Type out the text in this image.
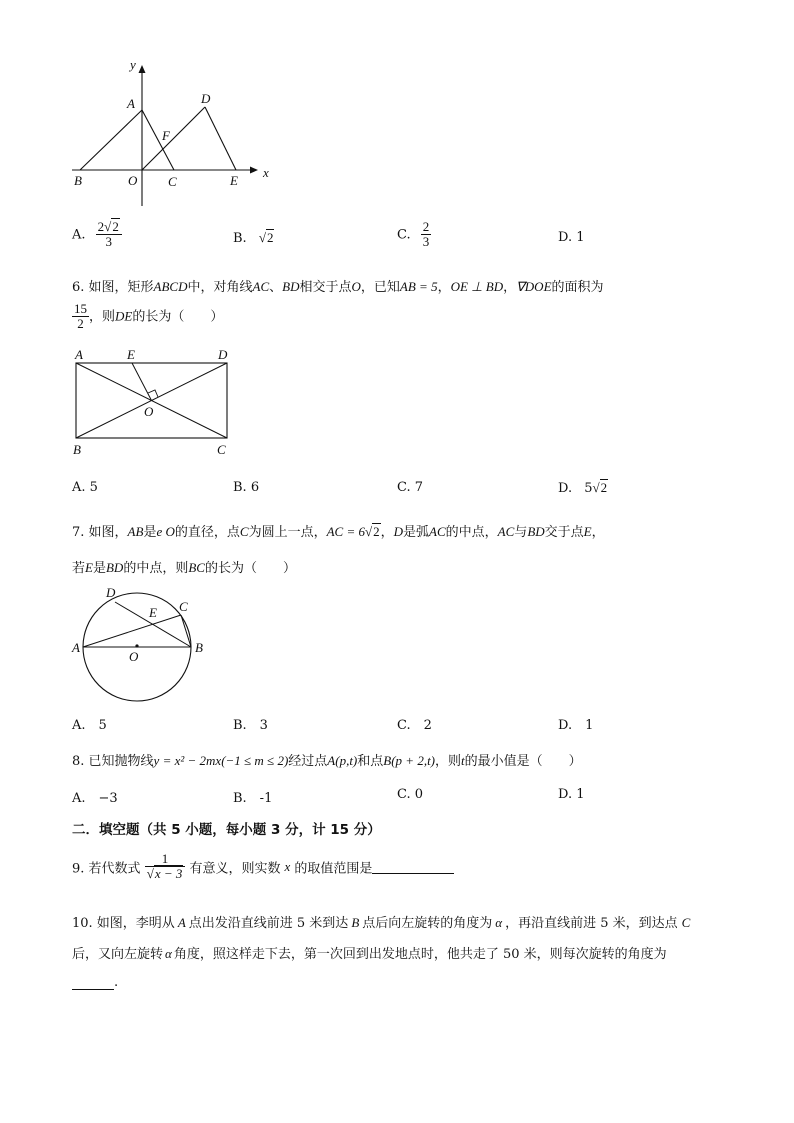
y
x
A	D
F
B	O C	E
A. $\frac{2√2}{3}$	B. √2	C. $\frac{2}{3}$	D. 1
6. 如图，矩形ABCD中，对角线AC、BD相交于点O，已知AB = 5，OE ⊥ BD，∇DOE的面积为
$\frac{15}{2}$ ，则DE的长为（　　）
A	E	D
O
B	C
A. 5	B. 6	C. 7	D. 5√2
7. 如图，AB是e O的直径，点C为圆上一点，AC = 6√2，D是弧AC的中点，AC与BD交于点E，
若E是BD的中点，则BC的长为（　　）
D
E C
A
O
B
A.　5	B.　3	C.　2	D.　1
8. 已知抛物线y = x² − 2mx(−1 ≤ m ≤ 2)经过点A(p,t)和点B(p + 2,t)，则t的最小值是（　　）
A.　−3	B.　-1	C. 0	D. 1
二．填空题（共 5 小题，每小题 3 分，计 15 分）
9. 若代数式 $\frac{1}{√x - 3}$ 有意义，则实数 x 的取值范围是
10. 如图，李明从 A 点出发沿直线前进 5 米到达 B 点后向左旋转的角度为 α ，再沿直线前进 5 米，到达点 C
后，又向左旋转 α 角度，照这样走下去，第一次回到出发地点时，他共走了 50 米，则每次旋转的角度为
.
